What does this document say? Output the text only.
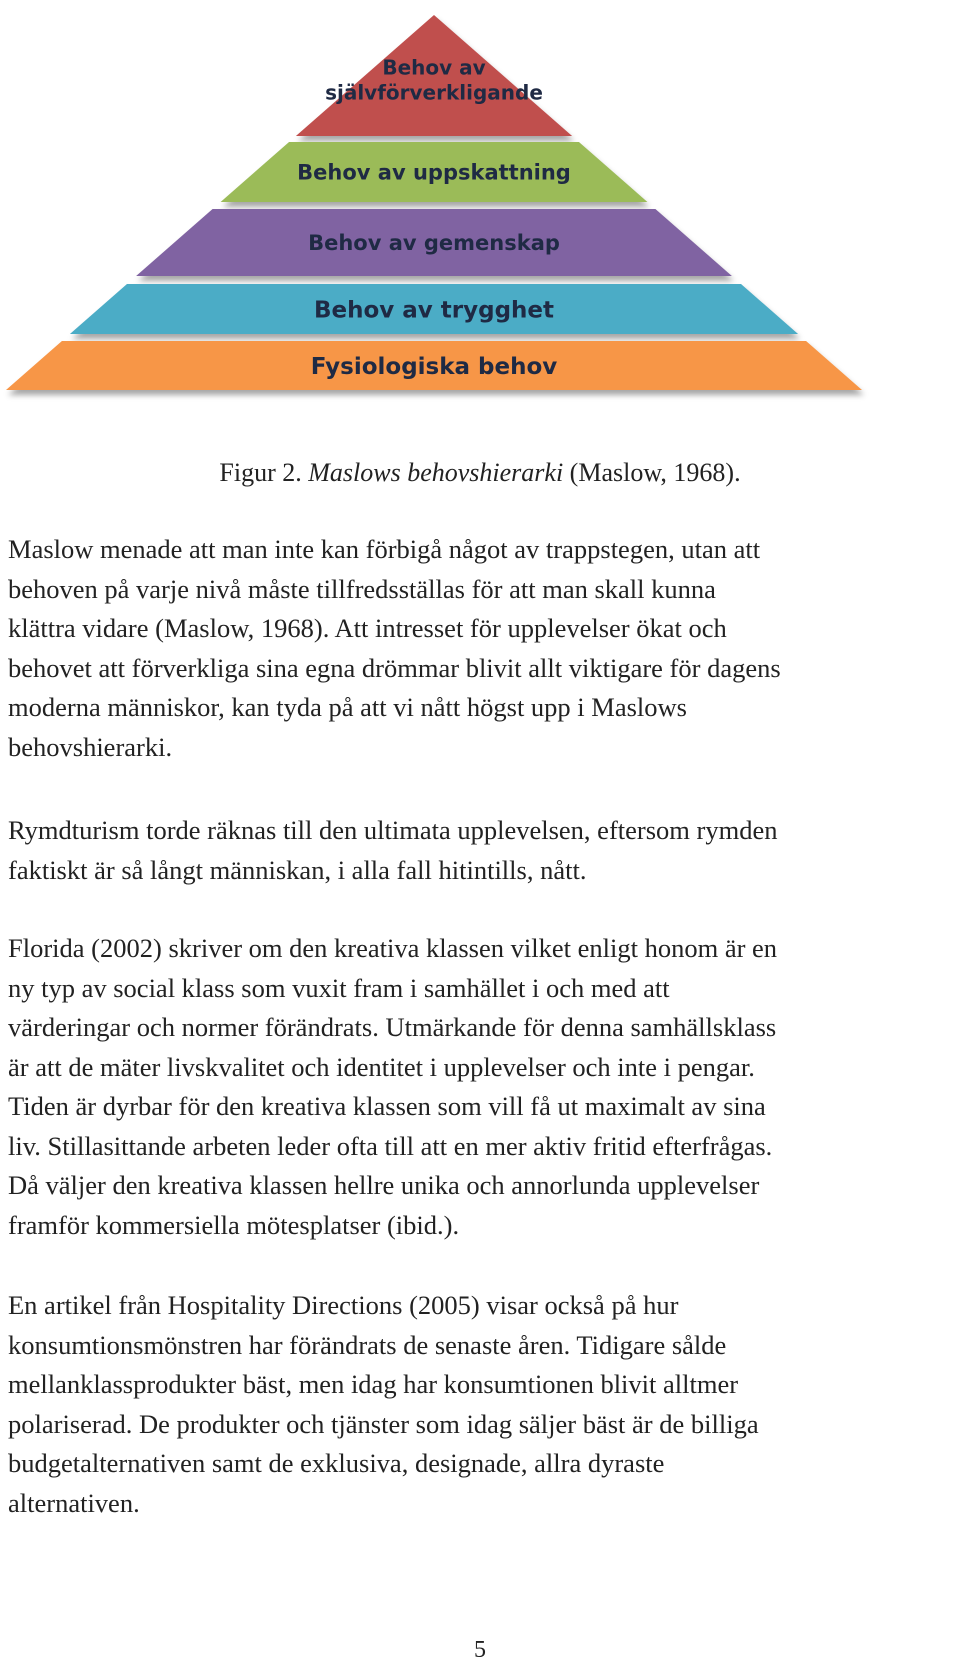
Behov av
självförverkligande
Behov av uppskattning
Behov av gemenskap
Behov av trygghet
Fysiologiska behov
Figur 2. Maslows behovshierarki (Maslow, 1968).

Maslow menade att man inte kan förbigå något av trappstegen, utan att
behoven på varje nivå måste tillfredsställas för att man skall kunna
klättra vidare (Maslow, 1968). Att intresset för upplevelser ökat och
behovet att förverkliga sina egna drömmar blivit allt viktigare för dagens
moderna människor, kan tyda på att vi nått högst upp i Maslows
behovshierarki.

Rymdturism torde räknas till den ultimata upplevelsen, eftersom rymden
faktiskt är så långt människan, i alla fall hitintills, nått.

Florida (2002) skriver om den kreativa klassen vilket enligt honom är en
ny typ av social klass som vuxit fram i samhället i och med att
värderingar och normer förändrats. Utmärkande för denna samhällsklass
är att de mäter livskvalitet och identitet i upplevelser och inte i pengar.
Tiden är dyrbar för den kreativa klassen som vill få ut maximalt av sina
liv. Stillasittande arbeten leder ofta till att en mer aktiv fritid efterfrågas.
Då väljer den kreativa klassen hellre unika och annorlunda upplevelser
framför kommersiella mötesplatser (ibid.).

En artikel från Hospitality Directions (2005) visar också på hur
konsumtionsmönstren har förändrats de senaste åren. Tidigare sålde
mellanklassprodukter bäst, men idag har konsumtionen blivit alltmer
polariserad. De produkter och tjänster som idag säljer bäst är de billiga
budgetalternativen samt de exklusiva, designade, allra dyraste
alternativen.

5
